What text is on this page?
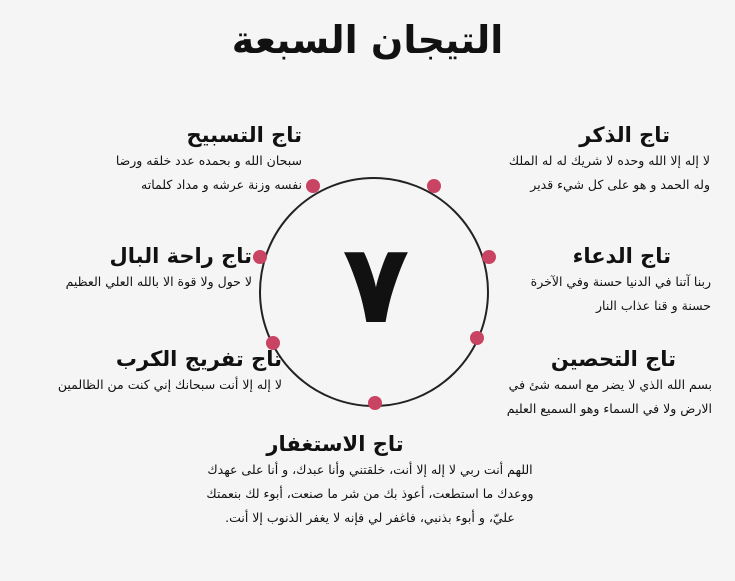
التيجان السبعة
٧
تاج الذكر
لا إله إلا الله وحده لا شريك له له الملك
وله الحمد و هو على كل شيء قدير
تاج التسبيح
سبحان الله و بحمده عدد خلقه ورضا
نفسه وزنة عرشه و مداد كلماته
تاج الدعاء
ربنا آتنا في الدنيا حسنة وفي الآخرة
حسنة و قنا عذاب النار
تاج راحة البال
لا حول ولا قوة الا بالله العلي العظيم
تاج التحصين
بسم الله الذي لا يضر مع اسمه شئ في
الارض ولا في السماء وهو السميع العليم
تاج تفريج الكرب
لا إله إلا أنت سبحانك إني كنت من الظالمين
تاج الاستغفار
اللهم أنت ربي لا إله إلا أنت، خلقتني وأنا عبدك، و أنا على عهدك
ووعدك ما استطعت، أعوذ بك من شر ما صنعت، أبوء لك بنعمتك
عليّ، و أبوء بذنبي، فاغفر لي فإنه لا يغفر الذنوب إلا أنت.
